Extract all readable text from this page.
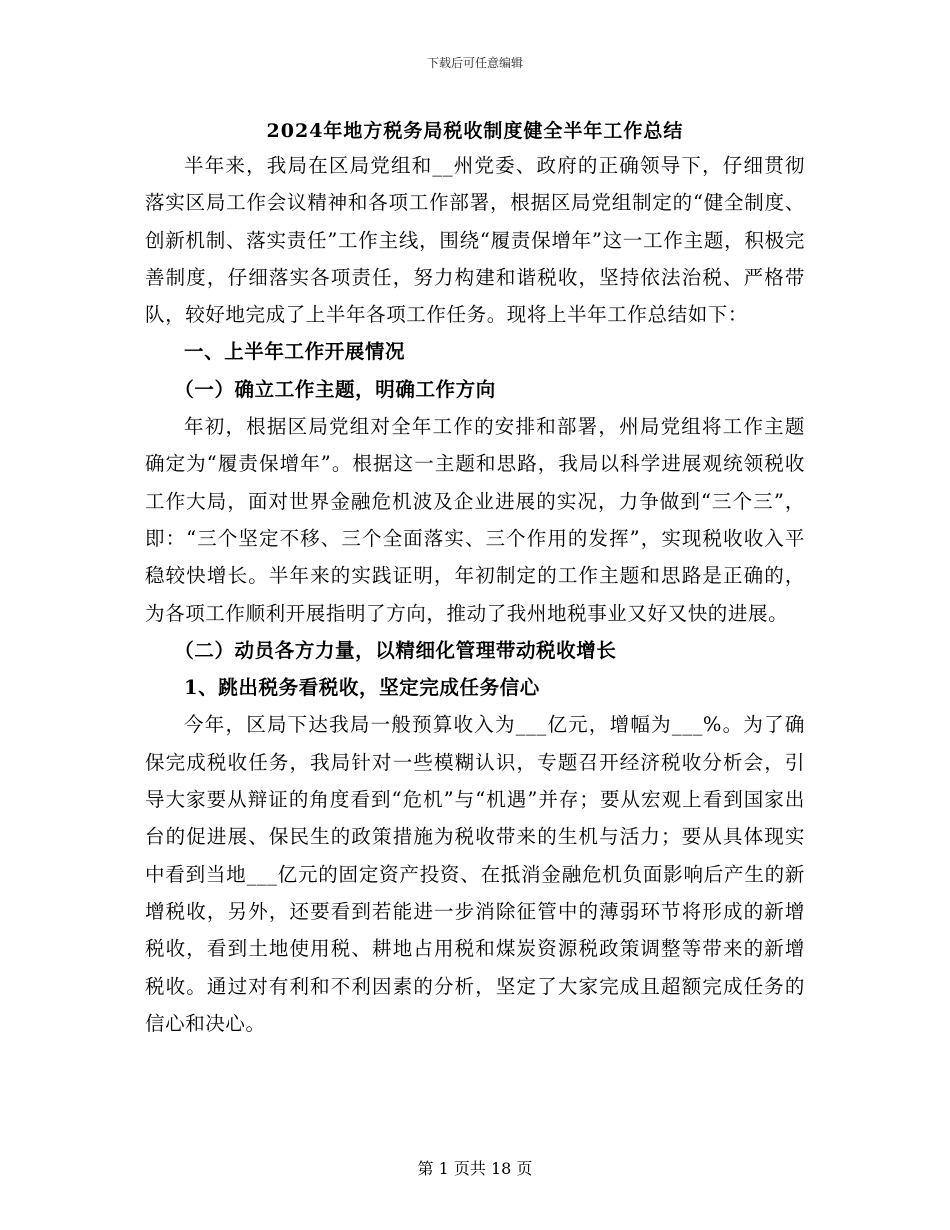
下载后可任意编辑
2024年地方税务局税收制度健全半年工作总结

半年来，我局在区局党组和__州党委、政府的正确领导下，仔细贯彻落实区局工作会议精神和各项工作部署，根据区局党组制定的“健全制度、创新机制、落实责任”工作主线，围绕“履责保增年”这一工作主题，积极完善制度，仔细落实各项责任，努力构建和谐税收，坚持依法治税、严格带队，较好地完成了上半年各项工作任务。现将上半年工作总结如下：

一、上半年工作开展情况

（一）确立工作主题，明确工作方向

年初，根据区局党组对全年工作的安排和部署，州局党组将工作主题确定为“履责保增年”。根据这一主题和思路，我局以科学进展观统领税收工作大局，面对世界金融危机波及企业进展的实况，力争做到“三个三”，即：“三个坚定不移、三个全面落实、三个作用的发挥”，实现税收收入平稳较快增长。半年来的实践证明，年初制定的工作主题和思路是正确的，为各项工作顺利开展指明了方向，推动了我州地税事业又好又快的进展。

（二）动员各方力量，以精细化管理带动税收增长

1、跳出税务看税收，坚定完成任务信心

今年，区局下达我局一般预算收入为___亿元，增幅为___%。为了确保完成税收任务，我局针对一些模糊认识，专题召开经济税收分析会，引导大家要从辩证的角度看到“危机”与“机遇”并存；要从宏观上看到国家出台的促进展、保民生的政策措施为税收带来的生机与活力；要从具体现实中看到当地___亿元的固定资产投资、在抵消金融危机负面影响后产生的新增税收，另外，还要看到若能进一步消除征管中的薄弱环节将形成的新增税收，看到土地使用税、耕地占用税和煤炭资源税政策调整等带来的新增税收。通过对有利和不利因素的分析，坚定了大家完成且超额完成任务的信心和决心。

第 1 页共 18 页
